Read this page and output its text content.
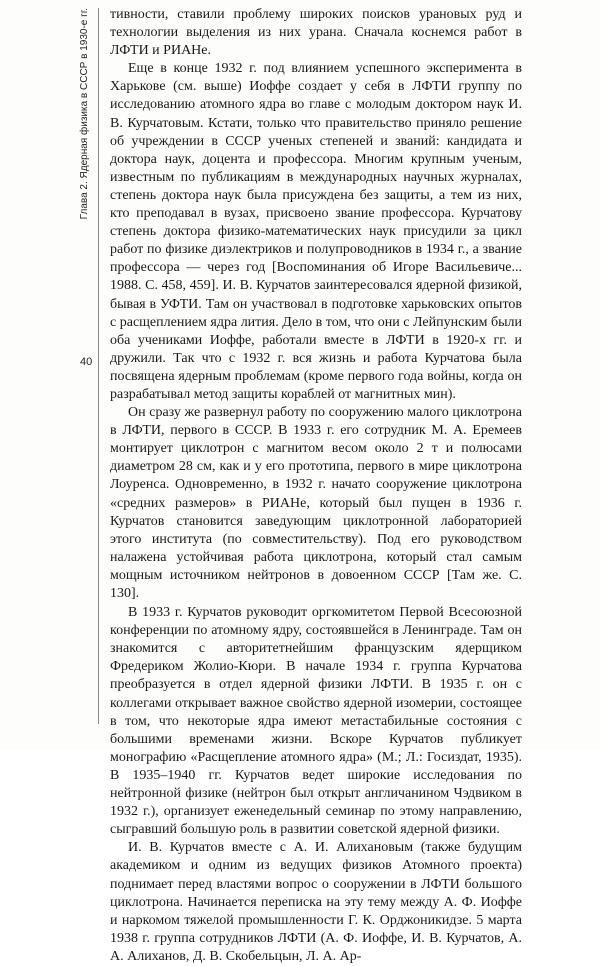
Глава 2. Ядерная физика в СССР в 1930-е гг.
40

тивности, ставили проблему широких поисков урановых руд и технологии выделения из них урана. Сначала коснемся работ в ЛФТИ и РИАНе.

Еще в конце 1932 г. под влиянием успешного эксперимента в Харькове (см. выше) Иоффе создает у себя в ЛФТИ группу по исследованию атомного ядра во главе с молодым доктором наук И. В. Курчатовым. Кстати, только что правительство приняло решение об учреждении в СССР ученых степеней и званий: кандидата и доктора наук, доцента и профессора. Многим крупным ученым, известным по публикациям в международных научных журналах, степень доктора наук была присуждена без защиты, а тем из них, кто преподавал в вузах, присвоено звание профессора. Курчатову степень доктора физико-математических наук присудили за цикл работ по физике диэлектриков и полупроводников в 1934 г., а звание профессора — через год [Воспоминания об Игоре Васильевиче... 1988. С. 458, 459]. И. В. Курчатов заинтересовался ядерной физикой, бывая в УФТИ. Там он участвовал в подготовке харьковских опытов с расщеплением ядра лития. Дело в том, что они с Лейпунским были оба учениками Иоффе, работали вместе в ЛФТИ в 1920-х гг. и дружили. Так что с 1932 г. вся жизнь и работа Курчатова была посвящена ядерным проблемам (кроме первого года войны, когда он разрабатывал метод защиты кораблей от магнитных мин).

Он сразу же развернул работу по сооружению малого циклотрона в ЛФТИ, первого в СССР. В 1933 г. его сотрудник М. А. Еремеев монтирует циклотрон с магнитом весом около 2 т и полюсами диаметром 28 см, как и у его прототипа, первого в мире циклотрона Лоуренса. Одновременно, в 1932 г. начато сооружение циклотрона «средних размеров» в РИАНе, который был пущен в 1936 г. Курчатов становится заведующим циклотронной лабораторией этого института (по совместительству). Под его руководством налажена устойчивая работа циклотрона, который стал самым мощным источником нейтронов в довоенном СССР [Там же. С. 130].

В 1933 г. Курчатов руководит оргкомитетом Первой Всесоюзной конференции по атомному ядру, состоявшейся в Ленинграде. Там он знакомится с авторитетнейшим французским ядерщиком Фредериком Жолио-Кюри. В начале 1934 г. группа Курчатова преобразуется в отдел ядерной физики ЛФТИ. В 1935 г. он с коллегами открывает важное свойство ядерной изомерии, состоящее в том, что некоторые ядра имеют метастабильные состояния с большими временами жизни. Вскоре Курчатов публикует монографию «Расщепление атомного ядра» (М.; Л.: Госиздат, 1935). В 1935–1940 гг. Курчатов ведет широкие исследования по нейтронной физике (нейтрон был открыт англичанином Чэдвиком в 1932 г.), организует еженедельный семинар по этому направлению, сыгравший большую роль в развитии советской ядерной физики.

И. В. Курчатов вместе с А. И. Алихановым (также будущим академиком и одним из ведущих физиков Атомного проекта) поднимает перед властями вопрос о сооружении в ЛФТИ большого циклотрона. Начинается переписка на эту тему между А. Ф. Иоффе и наркомом тяжелой промышленности Г. К. Орджоникидзе. 5 марта 1938 г. группа сотрудников ЛФТИ (А. Ф. Иоффе, И. В. Курчатов, А. А. Алиханов, Д. В. Скобельцын, Л. А. Ар-
